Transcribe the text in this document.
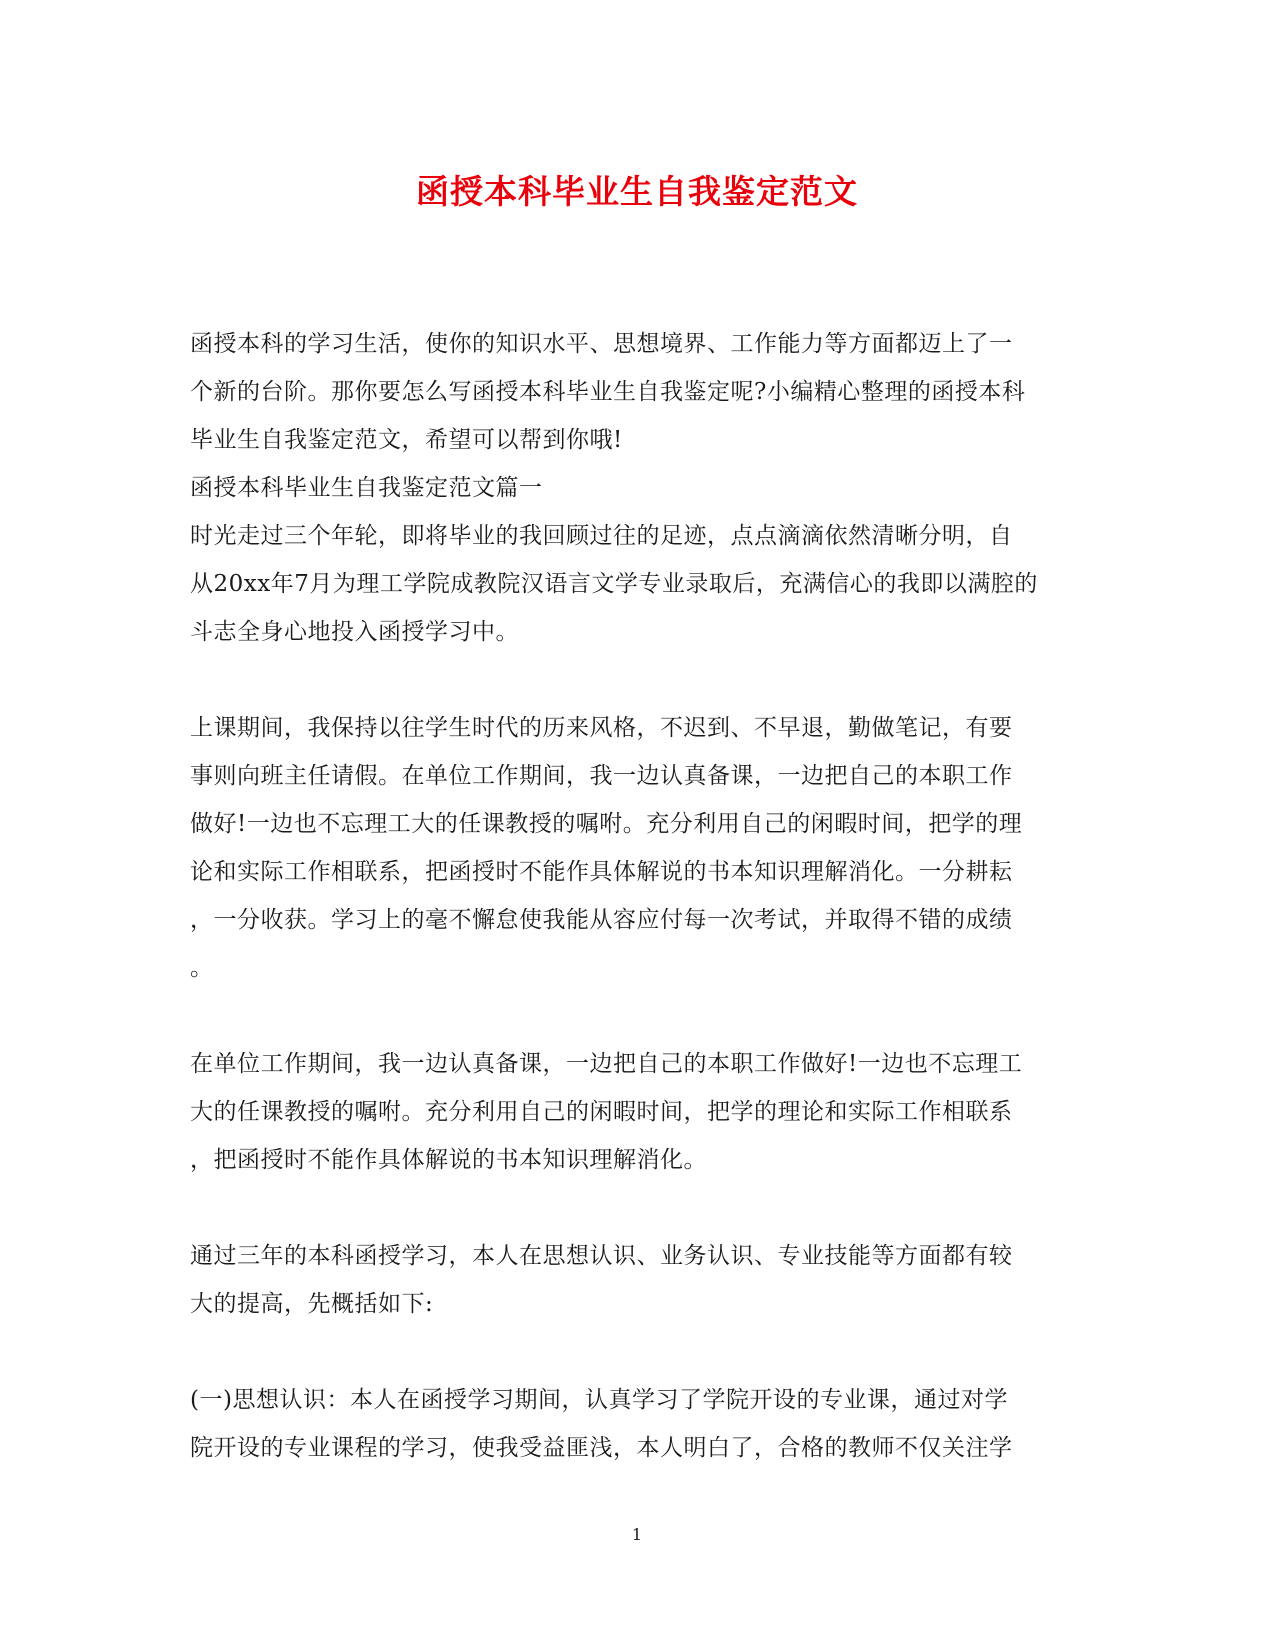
函授本科毕业生自我鉴定范文
函授本科的学习生活，使你的知识水平、思想境界、工作能力等方面都迈上了一
个新的台阶。那你要怎么写函授本科毕业生自我鉴定呢?小编精心整理的函授本科
毕业生自我鉴定范文，希望可以帮到你哦!
函授本科毕业生自我鉴定范文篇一
时光走过三个年轮，即将毕业的我回顾过往的足迹，点点滴滴依然清晰分明，自
从20xx年7月为理工学院成教院汉语言文学专业录取后，充满信心的我即以满腔的
斗志全身心地投入函授学习中。
上课期间，我保持以往学生时代的历来风格，不迟到、不早退，勤做笔记，有要
事则向班主任请假。在单位工作期间，我一边认真备课，一边把自己的本职工作
做好!一边也不忘理工大的任课教授的嘱咐。充分利用自己的闲暇时间，把学的理
论和实际工作相联系，把函授时不能作具体解说的书本知识理解消化。一分耕耘
，一分收获。学习上的毫不懈怠使我能从容应付每一次考试，并取得不错的成绩
。
在单位工作期间，我一边认真备课，一边把自己的本职工作做好!一边也不忘理工
大的任课教授的嘱咐。充分利用自己的闲暇时间，把学的理论和实际工作相联系
，把函授时不能作具体解说的书本知识理解消化。
通过三年的本科函授学习，本人在思想认识、业务认识、专业技能等方面都有较
大的提高，先概括如下:
(一)思想认识：本人在函授学习期间，认真学习了学院开设的专业课，通过对学
院开设的专业课程的学习，使我受益匪浅，本人明白了，合格的教师不仅关注学
1
